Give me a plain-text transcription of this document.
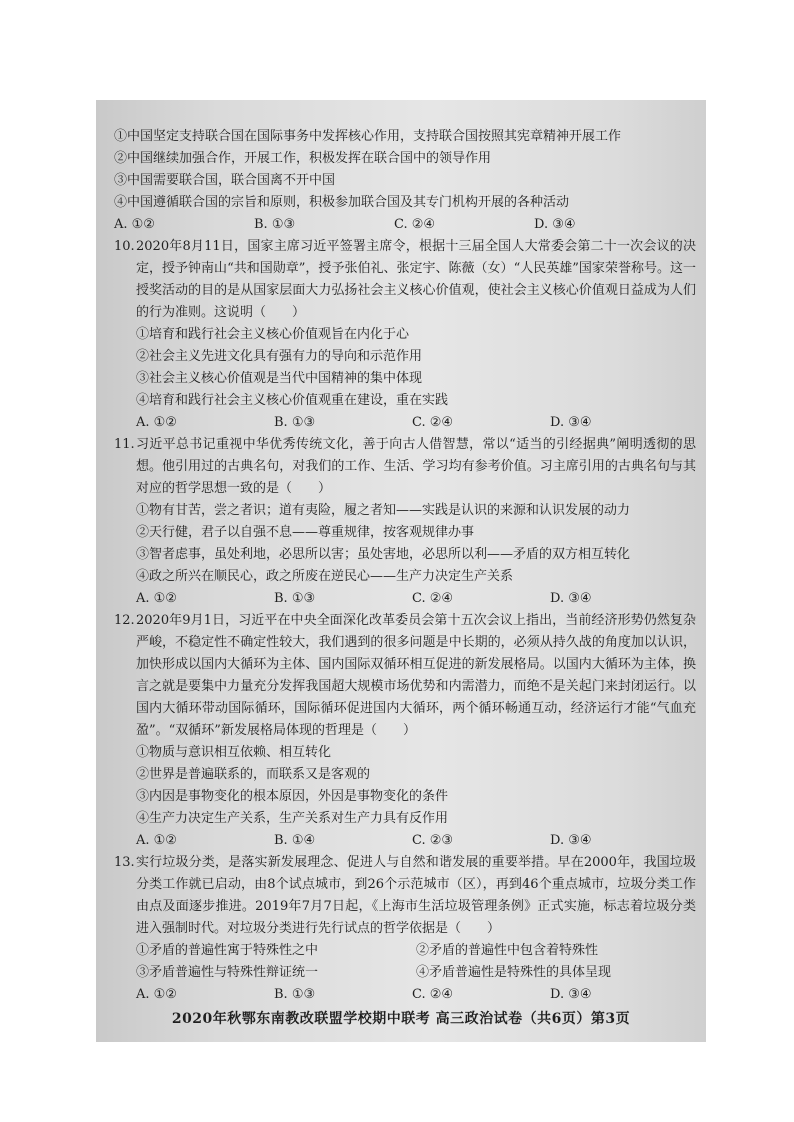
①中国坚定支持联合国在国际事务中发挥核心作用，支持联合国按照其宪章精神开展工作
②中国继续加强合作，开展工作，积极发挥在联合国中的领导作用
③中国需要联合国，联合国离不开中国
④中国遵循联合国的宗旨和原则，积极参加联合国及其专门机构开展的各种活动
A. ①②	B. ①③	C. ②④	D. ③④
10. 2020年8月11日，国家主席习近平签署主席令，根据十三届全国人大常委会第二十一次会议的决定，授予钟南山“共和国勋章”，授予张伯礼、张定宇、陈薇（女）“人民英雄”国家荣誉称号。这一授奖活动的目的是从国家层面大力弘扬社会主义核心价值观，使社会主义核心价值观日益成为人们的行为准则。这说明（　　）
①培育和践行社会主义核心价值观旨在内化于心
②社会主义先进文化具有强有力的导向和示范作用
③社会主义核心价值观是当代中国精神的集中体现
④培育和践行社会主义核心价值观重在建设，重在实践
A. ①②	B. ①③	C. ②④	D. ③④
11. 习近平总书记重视中华优秀传统文化，善于向古人借智慧，常以“适当的引经据典”阐明透彻的思想。他引用过的古典名句，对我们的工作、生活、学习均有参考价值。习主席引用的古典名句与其对应的哲学思想一致的是（　　）
①物有甘苦，尝之者识；道有夷险，履之者知——实践是认识的来源和认识发展的动力
②天行健，君子以自强不息——尊重规律，按客观规律办事
③智者虑事，虽处利地，必思所以害；虽处害地，必思所以利——矛盾的双方相互转化
④政之所兴在顺民心，政之所废在逆民心——生产力决定生产关系
A. ①②	B. ①③	C. ②④	D. ③④
12. 2020年9月1日，习近平在中央全面深化改革委员会第十五次会议上指出，当前经济形势仍然复杂严峻，不稳定性不确定性较大，我们遇到的很多问题是中长期的，必须从持久战的角度加以认识，加快形成以国内大循环为主体、国内国际双循环相互促进的新发展格局。以国内大循环为主体，换言之就是要集中力量充分发挥我国超大规模市场优势和内需潜力，而绝不是关起门来封闭运行。以国内大循环带动国际循环，国际循环促进国内大循环，两个循环畅通互动，经济运行才能“气血充盈”。“双循环”新发展格局体现的哲理是（　　）
①物质与意识相互依赖、相互转化
②世界是普遍联系的，而联系又是客观的
③内因是事物变化的根本原因，外因是事物变化的条件
④生产力决定生产关系，生产关系对生产力具有反作用
A. ①②	B. ①④	C. ②③	D. ③④
13. 实行垃圾分类，是落实新发展理念、促进人与自然和谐发展的重要举措。早在2000年，我国垃圾分类工作就已启动，由8个试点城市，到26个示范城市（区），再到46个重点城市，垃圾分类工作由点及面逐步推进。2019年7月7日起，《上海市生活垃圾管理条例》正式实施，标志着垃圾分类进入强制时代。对垃圾分类进行先行试点的哲学依据是（　　）
①矛盾的普遍性寓于特殊性之中	②矛盾的普遍性中包含着特殊性
③矛盾普遍性与特殊性辩证统一	④矛盾普遍性是特殊性的具体呈现
A. ①②	B. ①③	C. ②④	D. ③④
2020年秋鄂东南教改联盟学校期中联考 高三政治试卷（共6页）第3页
